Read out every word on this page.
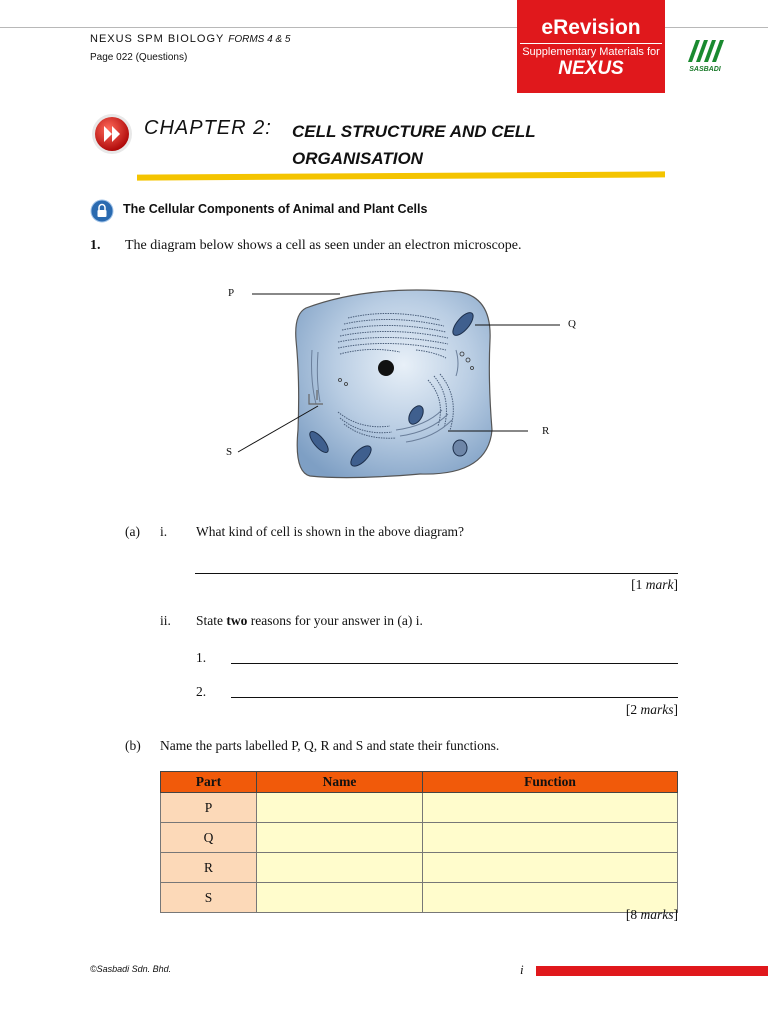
NEXUS SPM BIOLOGY FORMS 4 & 5
Page 022 (Questions)
eRevision
Supplementary Materials for
NEXUS	SASBADI
CHAPTER 2: CELL STRUCTURE AND CELL ORGANISATION
The Cellular Components of Animal and Plant Cells
1. The diagram below shows a cell as seen under an electron microscope.
P
Q
R
S
(a) i. What kind of cell is shown in the above diagram?
[1 mark]
ii. State two reasons for your answer in (a) i.
1.
2.
[2 marks]
(b) Name the parts labelled P, Q, R and S and state their functions.
Part	Name	Function
P		
Q		
R		
S		
[8 marks]
©Sasbadi Sdn. Bhd.	i
